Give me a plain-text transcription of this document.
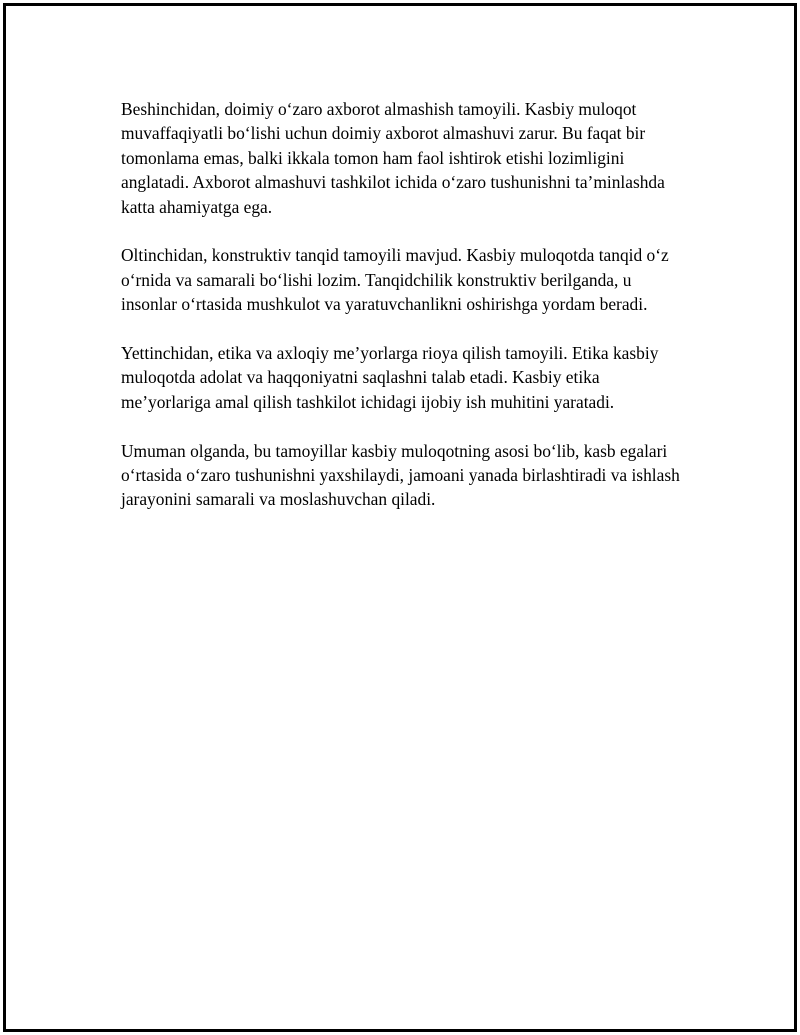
Beshinchidan, doimiy o‘zaro axborot almashish tamoyili. Kasbiy muloqot muvaffaqiyatli bo‘lishi uchun doimiy axborot almashuvi zarur. Bu faqat bir tomonlama emas, balki ikkala tomon ham faol ishtirok etishi lozimligini anglatadi. Axborot almashuvi tashkilot ichida o‘zaro tushunishni ta’minlashda katta ahamiyatga ega.

Oltinchidan, konstruktiv tanqid tamoyili mavjud. Kasbiy muloqotda tanqid o‘z o‘rnida va samarali bo‘lishi lozim. Tanqidchilik konstruktiv berilganda, u insonlar o‘rtasida mushkulot va yaratuvchanlikni oshirishga yordam beradi.

Yettinchidan, etika va axloqiy me’yorlarga rioya qilish tamoyili. Etika kasbiy muloqotda adolat va haqqoniyatni saqlashni talab etadi. Kasbiy etika me’yorlariga amal qilish tashkilot ichidagi ijobiy ish muhitini yaratadi.

Umuman olganda, bu tamoyillar kasbiy muloqotning asosi bo‘lib, kasb egalari o‘rtasida o‘zaro tushunishni yaxshilaydi, jamoani yanada birlashtiradi va ishlash jarayonini samarali va moslashuvchan qiladi.
